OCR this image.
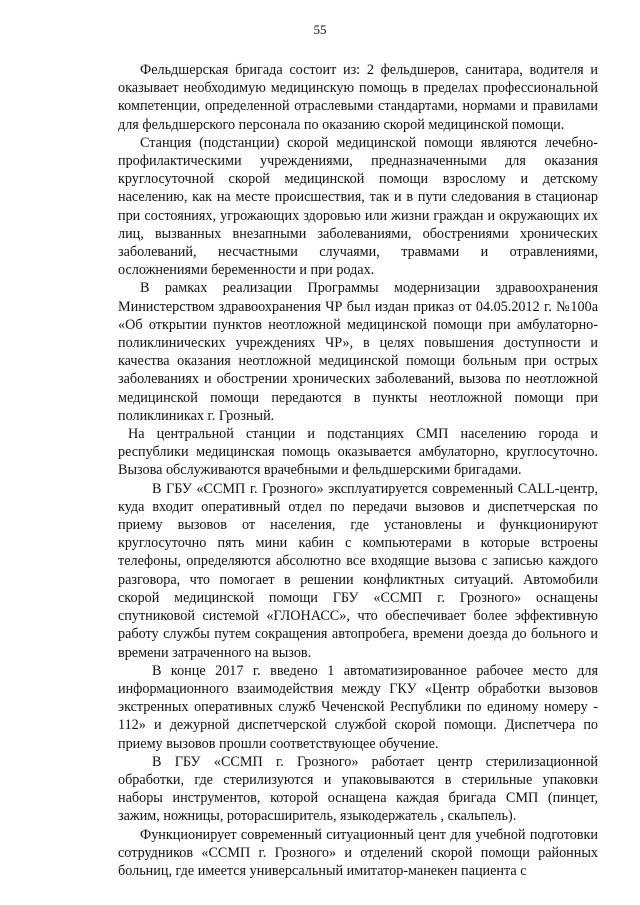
55

Фельдшерская бригада состоит из: 2 фельдшеров, санитара, водителя и оказывает необходимую медицинскую помощь в пределах профессиональной компетенции, определенной отраслевыми стандартами, нормами и правилами для фельдшерского персонала по оказанию скорой медицинской помощи.

Станция (подстанции) скорой медицинской помощи являются лечебно-профилактическими учреждениями, предназначенными для оказания круглосуточной скорой медицинской помощи взрослому и детскому населению, как на месте происшествия, так и в пути следования в стационар при состояниях, угрожающих здоровью или жизни граждан и окружающих их лиц, вызванных внезапными заболеваниями, обострениями хронических заболеваний, несчастными случаями, травмами и отравлениями, осложнениями беременности и при родах.

В рамках реализации Программы модернизации здравоохранения Министерством здравоохранения ЧР был издан приказ от 04.05.2012 г. №100а «Об открытии пунктов неотложной медицинской помощи при амбулаторно-поликлинических учреждениях ЧР», в целях повышения доступности и качества оказания неотложной медицинской помощи больным при острых заболеваниях и обострении хронических заболеваний, вызова по неотложной медицинской помощи передаются в пункты неотложной помощи при поликлиниках г. Грозный.

На центральной станции и подстанциях СМП населению города и республики медицинская помощь оказывается амбулаторно, круглосуточно. Вызова обслуживаются врачебными и фельдшерскими бригадами.

В ГБУ «ССМП г. Грозного» эксплуатируется современный CALL-центр, куда входит оперативный отдел по передачи вызовов и диспетчерская по приему вызовов от населения, где установлены и функционируют круглосуточно пять мини кабин с компьютерами в которые встроены телефоны, определяются абсолютно все входящие вызова с записью каждого разговора, что помогает в решении конфликтных ситуаций. Автомобили скорой медицинской помощи ГБУ «ССМП г. Грозного» оснащены спутниковой системой «ГЛОНАСС», что обеспечивает более эффективную работу службы путем сокращения автопробега, времени доезда до больного и времени затраченного на вызов.

В конце 2017 г. введено 1 автоматизированное рабочее место для информационного взаимодействия между ГКУ «Центр обработки вызовов экстренных оперативных служб Чеченской Республики по единому номеру - 112» и дежурной диспетчерской службой скорой помощи. Диспетчера по приему вызовов прошли соответствующее обучение.

В ГБУ «ССМП г. Грозного» работает центр стерилизационной обработки, где стерилизуются и упаковываются в стерильные упаковки наборы инструментов, которой оснащена каждая бригада СМП (пинцет, зажим, ножницы, роторасширитель, языкодержатель , скальпель).

Функционирует современный ситуационный цент для учебной подготовки сотрудников «ССМП г. Грозного» и отделений скорой помощи районных больниц, где имеется универсальный имитатор-манекен пациента с
